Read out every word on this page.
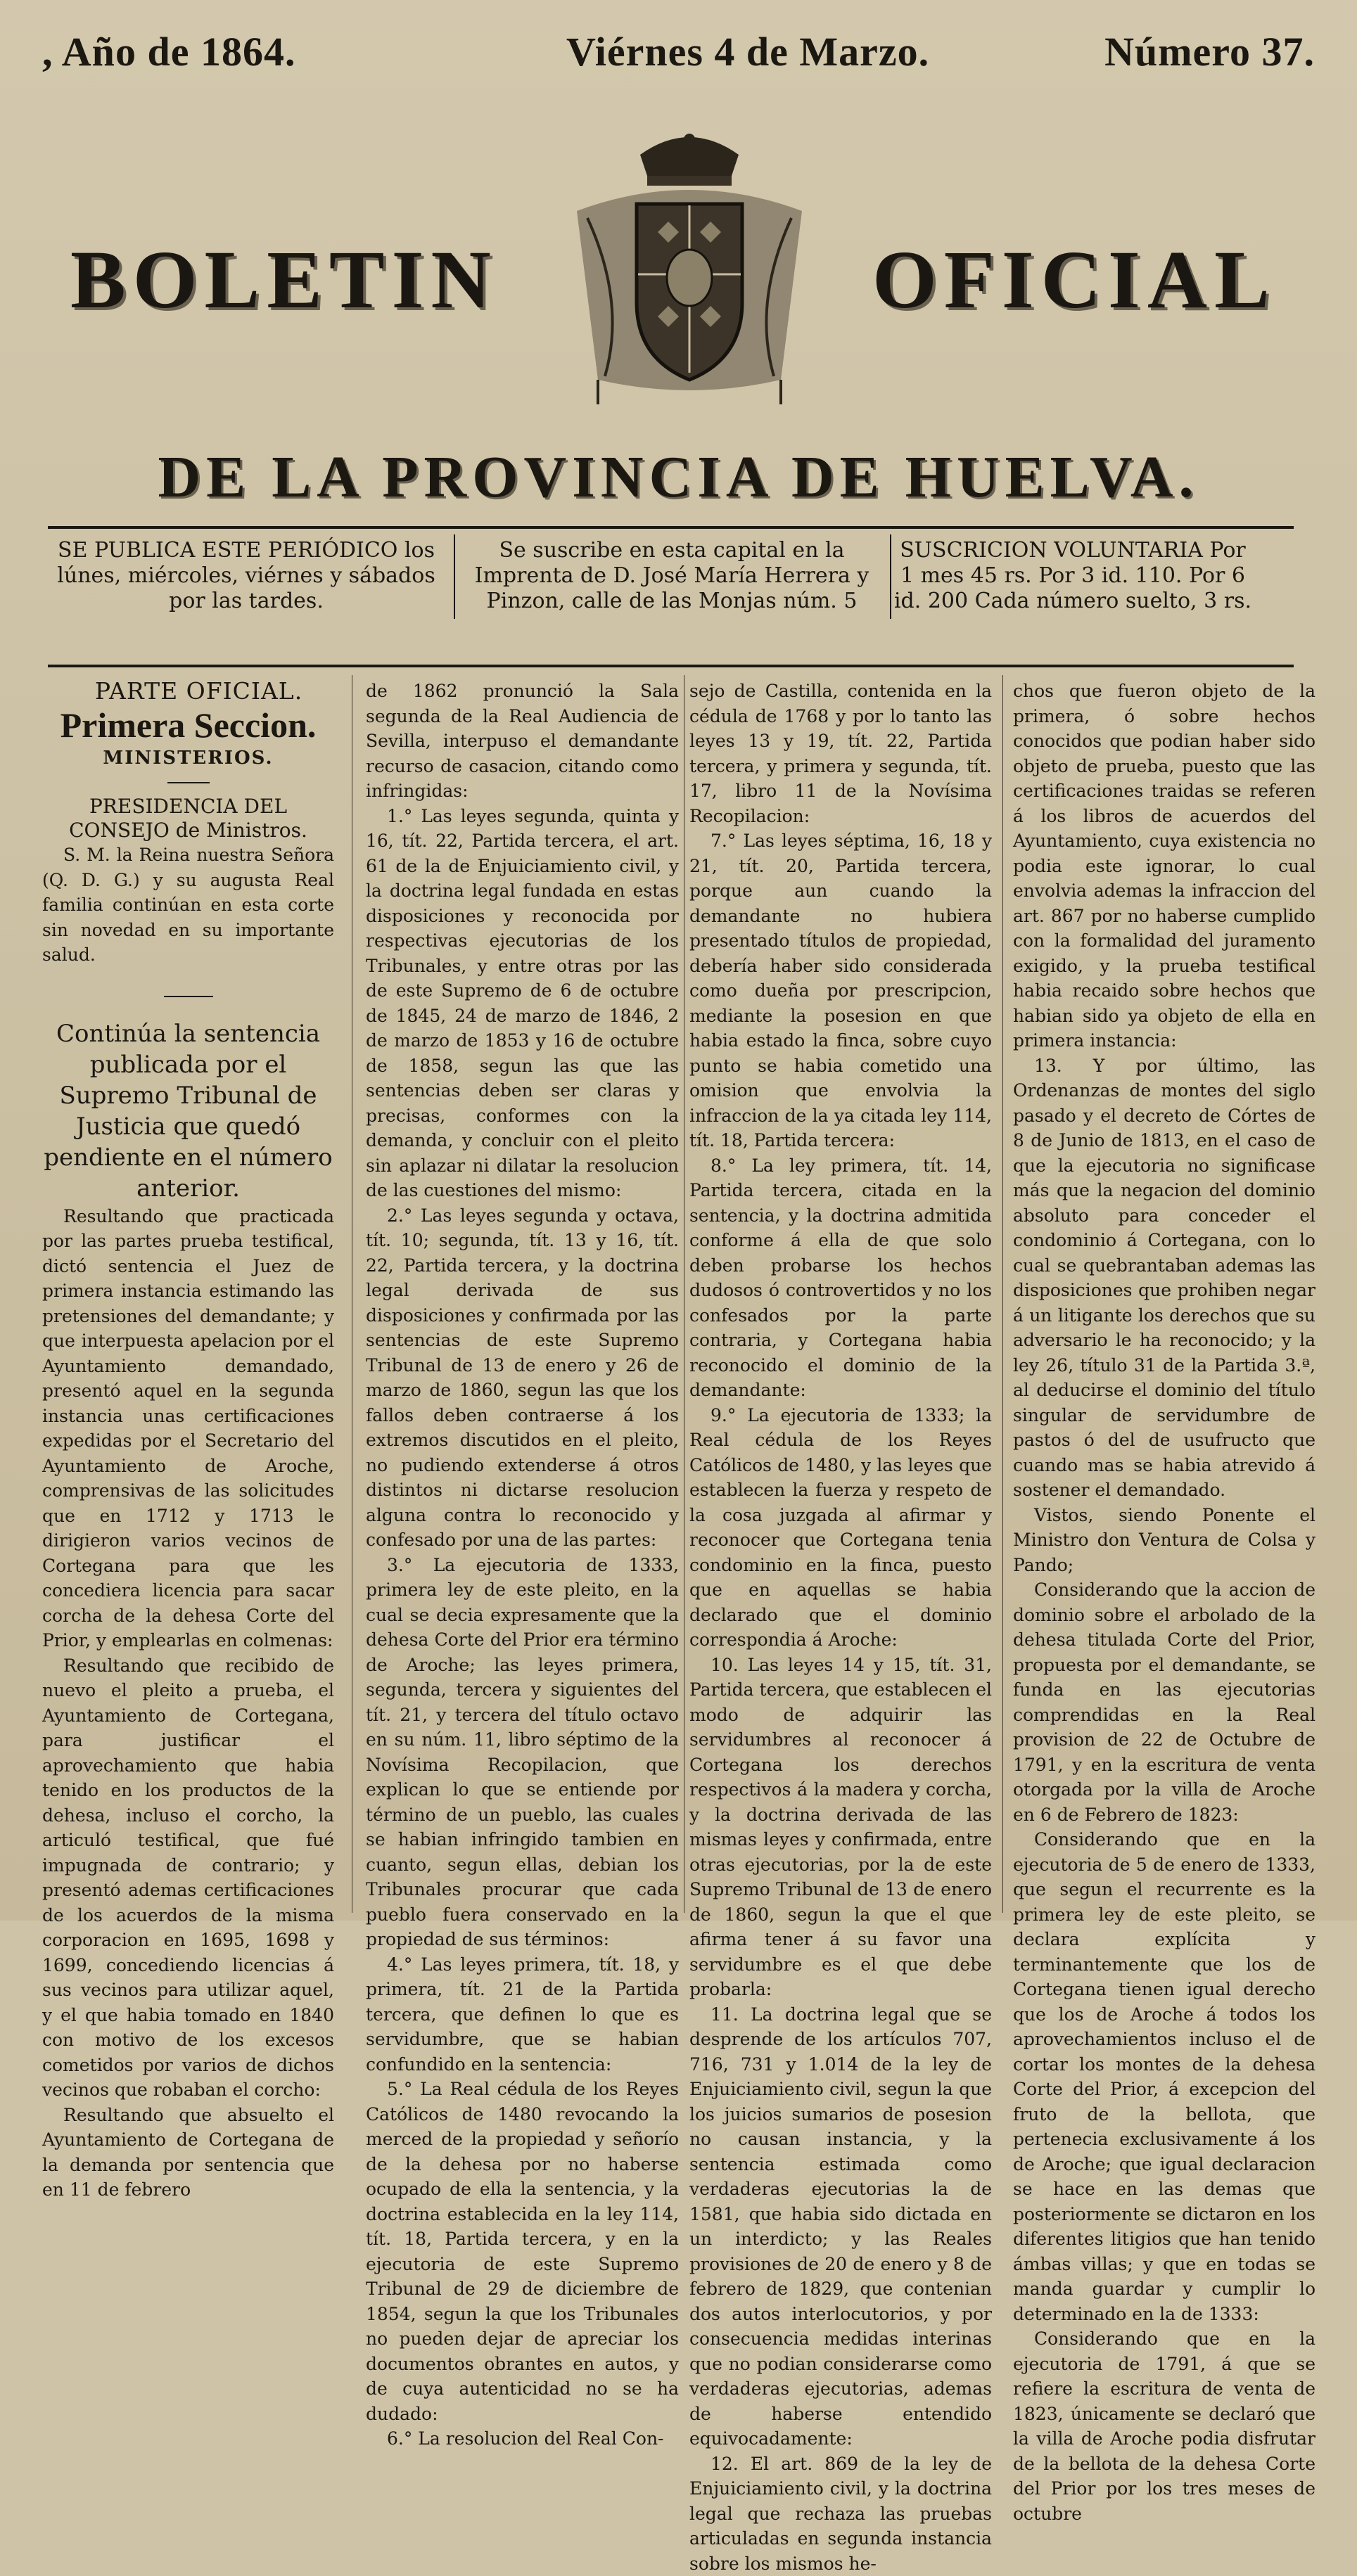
, Año de 1864.	Viérnes 4 de Marzo.	Número 37.
BOLETIN	OFICIAL
DE LA PROVINCIA DE HUELVA.
SE PUBLICA ESTE PERIÓDICO los lúnes, miércoles, viérnes y sábados por las tardes.
Se suscribe en esta capital en la Imprenta de D. José María Herrera y Pinzon, calle de las Monjas núm. 5
SUSCRICION VOLUNTARIA Por 1 mes 45 rs. Por 3 id. 110. Por 6 id. 200 Cada número suelto, 3 rs.

PARTE OFICIAL.

Primera Seccion.

MINISTERIOS.

PRESIDENCIA DEL CONSEJO de Ministros.

S. M. la Reina nuestra Señora (Q. D. G.) y su augusta Real familia continúan en esta corte sin novedad en su importante salud.

Continúa la sentencia publicada por el Supremo Tribunal de Justicia que quedó pendiente en el número anterior.

Resultando que practicada por las partes prueba testifical, dictó sentencia el Juez de primera instancia estimando las pretensiones del demandante; y que interpuesta apelacion por el Ayuntamiento demandado, presentó aquel en la segunda instancia unas certificaciones expedidas por el Secretario del Ayuntamiento de Aroche, comprensivas de las solicitudes que en 1712 y 1713 le dirigieron varios vecinos de Cortegana para que les concediera licencia para sacar corcha de la dehesa Corte del Prior, y emplearlas en colmenas:

Resultando que recibido de nuevo el pleito a prueba, el Ayuntamiento de Cortegana, para justificar el aprovechamiento que habia tenido en los productos de la dehesa, incluso el corcho, la articuló testifical, que fué impugnada de contrario; y presentó ademas certificaciones de los acuerdos de la misma corporacion en 1695, 1698 y 1699, concediendo licencias á sus vecinos para utilizar aquel, y el que habia tomado en 1840 con motivo de los excesos cometidos por varios de dichos vecinos que robaban el corcho:

Resultando que absuelto el Ayuntamiento de Cortegana de la demanda por sentencia que en 11 de febrero

de 1862 pronunció la Sala segunda de la Real Audiencia de Sevilla, interpuso el demandante recurso de casacion, citando como infringidas:

1.° Las leyes segunda, quinta y 16, tít. 22, Partida tercera, el art. 61 de la de Enjuiciamiento civil, y la doctrina legal fundada en estas disposiciones y reconocida por respectivas ejecutorias de los Tribunales, y entre otras por las de este Supremo de 6 de octubre de 1845, 24 de marzo de 1846, 2 de marzo de 1853 y 16 de octubre de 1858, segun las que las sentencias deben ser claras y precisas, conformes con la demanda, y concluir con el pleito sin aplazar ni dilatar la resolucion de las cuestiones del mismo:

2.° Las leyes segunda y octava, tít. 10; segunda, tít. 13 y 16, tít. 22, Partida tercera, y la doctrina legal derivada de sus disposiciones y confirmada por las sentencias de este Supremo Tribunal de 13 de enero y 26 de marzo de 1860, segun las que los fallos deben contraerse á los extremos discutidos en el pleito, no pudiendo extenderse á otros distintos ni dictarse resolucion alguna contra lo reconocido y confesado por una de las partes:

3.° La ejecutoria de 1333, primera ley de este pleito, en la cual se decia expresamente que la dehesa Corte del Prior era término de Aroche; las leyes primera, segunda, tercera y siguientes del tít. 21, y tercera del título octavo en su núm. 11, libro séptimo de la Novísima Recopilacion, que explican lo que se entiende por término de un pueblo, las cuales se habian infringido tambien en cuanto, segun ellas, debian los Tribunales procurar que cada pueblo fuera conservado en la propiedad de sus términos:

4.° Las leyes primera, tít. 18, y primera, tít. 21 de la Partida tercera, que definen lo que es servidumbre, que se habian confundido en la sentencia:

5.° La Real cédula de los Reyes Católicos de 1480 revocando la merced de la propiedad y señorío de la dehesa por no haberse ocupado de ella la sentencia, y la doctrina establecida en la ley 114, tít. 18, Partida tercera, y en la ejecutoria de este Supremo Tribunal de 29 de diciembre de 1854, segun la que los Tribunales no pueden dejar de apreciar los documentos obrantes en autos, y de cuya autenticidad no se ha dudado:

6.° La resolucion del Real Con-

sejo de Castilla, contenida en la cédula de 1768 y por lo tanto las leyes 13 y 19, tít. 22, Partida tercera, y primera y segunda, tít. 17, libro 11 de la Novísima Recopilacion:

7.° Las leyes séptima, 16, 18 y 21, tít. 20, Partida tercera, porque aun cuando la demandante no hubiera presentado títulos de propiedad, debería haber sido considerada como dueña por prescripcion, mediante la posesion en que habia estado la finca, sobre cuyo punto se habia cometido una omision que envolvia la infraccion de la ya citada ley 114, tít. 18, Partida tercera:

8.° La ley primera, tít. 14, Partida tercera, citada en la sentencia, y la doctrina admitida conforme á ella de que solo deben probarse los hechos dudosos ó controvertidos y no los confesados por la parte contraria, y Cortegana habia reconocido el dominio de la demandante:

9.° La ejecutoria de 1333; la Real cédula de los Reyes Católicos de 1480, y las leyes que establecen la fuerza y respeto de la cosa juzgada al afirmar y reconocer que Cortegana tenia condominio en la finca, puesto que en aquellas se habia declarado que el dominio correspondia á Aroche:

10. Las leyes 14 y 15, tít. 31, Partida tercera, que establecen el modo de adquirir las servidumbres al reconocer á Cortegana los derechos respectivos á la madera y corcha, y la doctrina derivada de las mismas leyes y confirmada, entre otras ejecutorias, por la de este Supremo Tribunal de 13 de enero de 1860, segun la que el que afirma tener á su favor una servidumbre es el que debe probarla:

11. La doctrina legal que se desprende de los artículos 707, 716, 731 y 1.014 de la ley de Enjuiciamiento civil, segun la que los juicios sumarios de posesion no causan instancia, y la sentencia estimada como verdaderas ejecutorias la de 1581, que habia sido dictada en un interdicto; y las Reales provisiones de 20 de enero y 8 de febrero de 1829, que contenian dos autos interlocutorios, y por consecuencia medidas interinas que no podian considerarse como verdaderas ejecutorias, ademas de haberse entendido equivocadamente:

12. El art. 869 de la ley de Enjuiciamiento civil, y la doctrina legal que rechaza las pruebas articuladas en segunda instancia sobre los mismos he-

chos que fueron objeto de la primera, ó sobre hechos conocidos que podian haber sido objeto de prueba, puesto que las certificaciones traidas se referen á los libros de acuerdos del Ayuntamiento, cuya existencia no podia este ignorar, lo cual envolvia ademas la infraccion del art. 867 por no haberse cumplido con la formalidad del juramento exigido, y la prueba testifical habia recaido sobre hechos que habian sido ya objeto de ella en primera instancia:

13. Y por último, las Ordenanzas de montes del siglo pasado y el decreto de Córtes de 8 de Junio de 1813, en el caso de que la ejecutoria no significase más que la negacion del dominio absoluto para conceder el condominio á Cortegana, con lo cual se quebrantaban ademas las disposiciones que prohiben negar á un litigante los derechos que su adversario le ha reconocido; y la ley 26, título 31 de la Partida 3.ª, al deducirse el dominio del título singular de servidumbre de pastos ó del de usufructo que cuando mas se habia atrevido á sostener el demandado.

Vistos, siendo Ponente el Ministro don Ventura de Colsa y Pando;

Considerando que la accion de dominio sobre el arbolado de la dehesa titulada Corte del Prior, propuesta por el demandante, se funda en las ejecutorias comprendidas en la Real provision de 22 de Octubre de 1791, y en la escritura de venta otorgada por la villa de Aroche en 6 de Febrero de 1823:

Considerando que en la ejecutoria de 5 de enero de 1333, que segun el recurrente es la primera ley de este pleito, se declara explícita y terminantemente que los de Cortegana tienen igual derecho que los de Aroche á todos los aprovechamientos incluso el de cortar los montes de la dehesa Corte del Prior, á excepcion del fruto de la bellota, que pertenecia exclusivamente á los de Aroche; que igual declaracion se hace en las demas que posteriormente se dictaron en los diferentes litigios que han tenido ámbas villas; y que en todas se manda guardar y cumplir lo determinado en la de 1333:

Considerando que en la ejecutoria de 1791, á que se refiere la escritura de venta de 1823, únicamente se declaró que la villa de Aroche podia disfrutar de la bellota de la dehesa Corte del Prior por los tres meses de octubre
